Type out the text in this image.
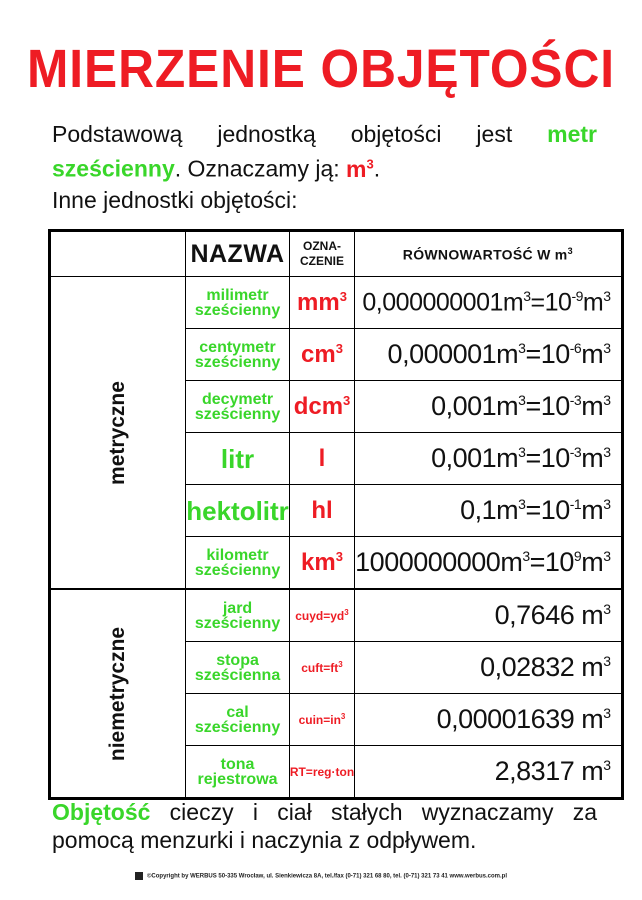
MIERZENIE OBJĘTOŚCI

Podstawową jednostką objętości jest metr sześcienny. Oznaczamy ją: $m^3$.

Inne jednostki objętości:

	NAZWA	OZNA-
CZENIE	RÓWNOWARTOŚĆ W $m^3$
metryczne	milimetr
sześcienny	$mm^3$	$0,000000001m^3=10^{-9}m^3$

	centymetr
sześcienny	$cm^3$	$0,000001m^3=10^{-6}m^3$

	decymetr
sześcienny	dcm$^3$	$0,001m^3=10^{-3}m^3$

	litr	l	$0,001m^3=10^{-3}m^3$

	hektolitr	hl	$0,1m^3=10^{-1}m^3$

	kilometr
sześcienny	$km^3$	$1000000000m^3=10^9m^3$
niemetryczne	jard
sześcienny	$cuyd=yd^3$	0,7646 $m^3$

	stopa
sześcienna	$cuft=ft^3$	0,02832 $m^3$

	cal
sześcienny	$cuin=in^3$	0,00001639 $m^3$

	tona
rejestrowa	RT=reg·ton	2,8317 $m^3$
Objętość cieczy i ciał stałych wyznaczamy za pomocą menzurki i naczynia z odpływem.
©Copyright by WERBUS 50-335 Wrocław, ul. Sienkiewicza 8A, tel./fax (0-71) 321 68 80, tel. (0-71) 321 73 41 www.werbus.com.pl
